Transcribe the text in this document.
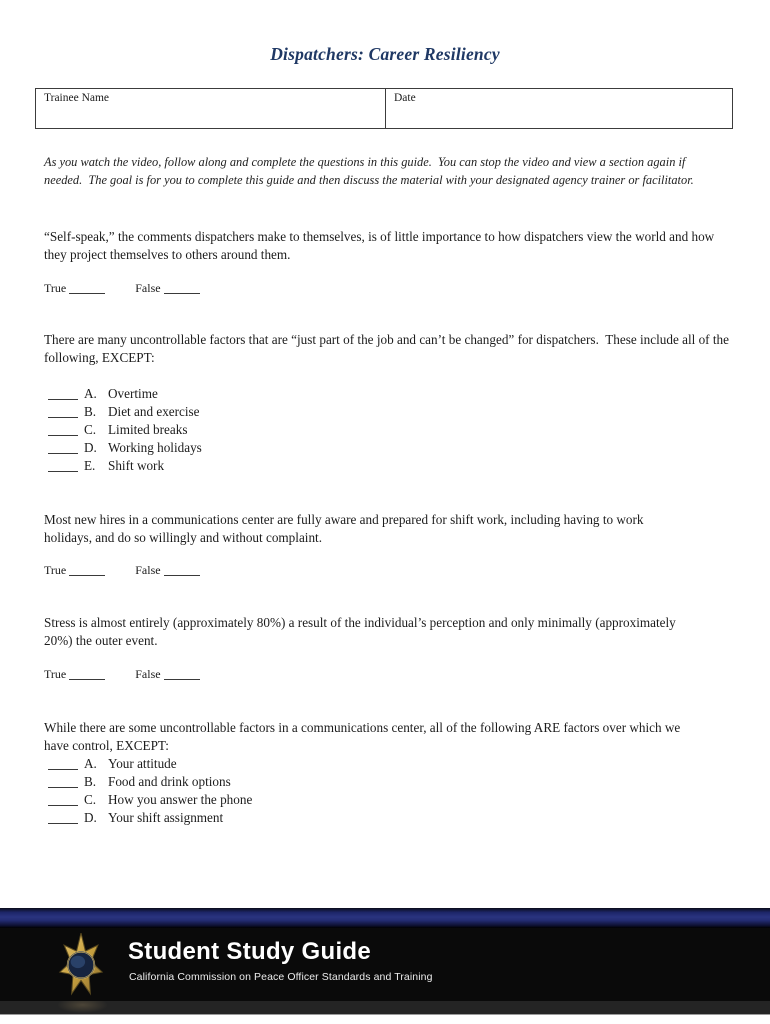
Dispatchers: Career Resiliency
Trainee Name	Date
As you watch the video, follow along and complete the questions in this guide.  You can stop the video and view a section again if needed.  The goal is for you to complete this guide and then discuss the material with your designated agency trainer or facilitator.
“Self-speak,” the comments dispatchers make to themselves, is of little importance to how dispatchers view the world and how they project themselves to others around them.
True	False
There are many uncontrollable factors that are “just part of the job and can’t be changed” for dispatchers.  These include all of the following, EXCEPT:
A. Overtime
B. Diet and exercise
C. Limited breaks
D. Working holidays
E. Shift work
Most new hires in a communications center are fully aware and prepared for shift work, including having to work holidays, and do so willingly and without complaint.
True	False
Stress is almost entirely (approximately 80%) a result of the individual’s perception and only minimally (approximately 20%) the outer event.
True	False
While there are some uncontrollable factors in a communications center, all of the following ARE factors over which we have control, EXCEPT:
A. Your attitude
B. Food and drink options
C. How you answer the phone
D. Your shift assignment
Student Study Guide
California Commission on Peace Officer Standards and Training
